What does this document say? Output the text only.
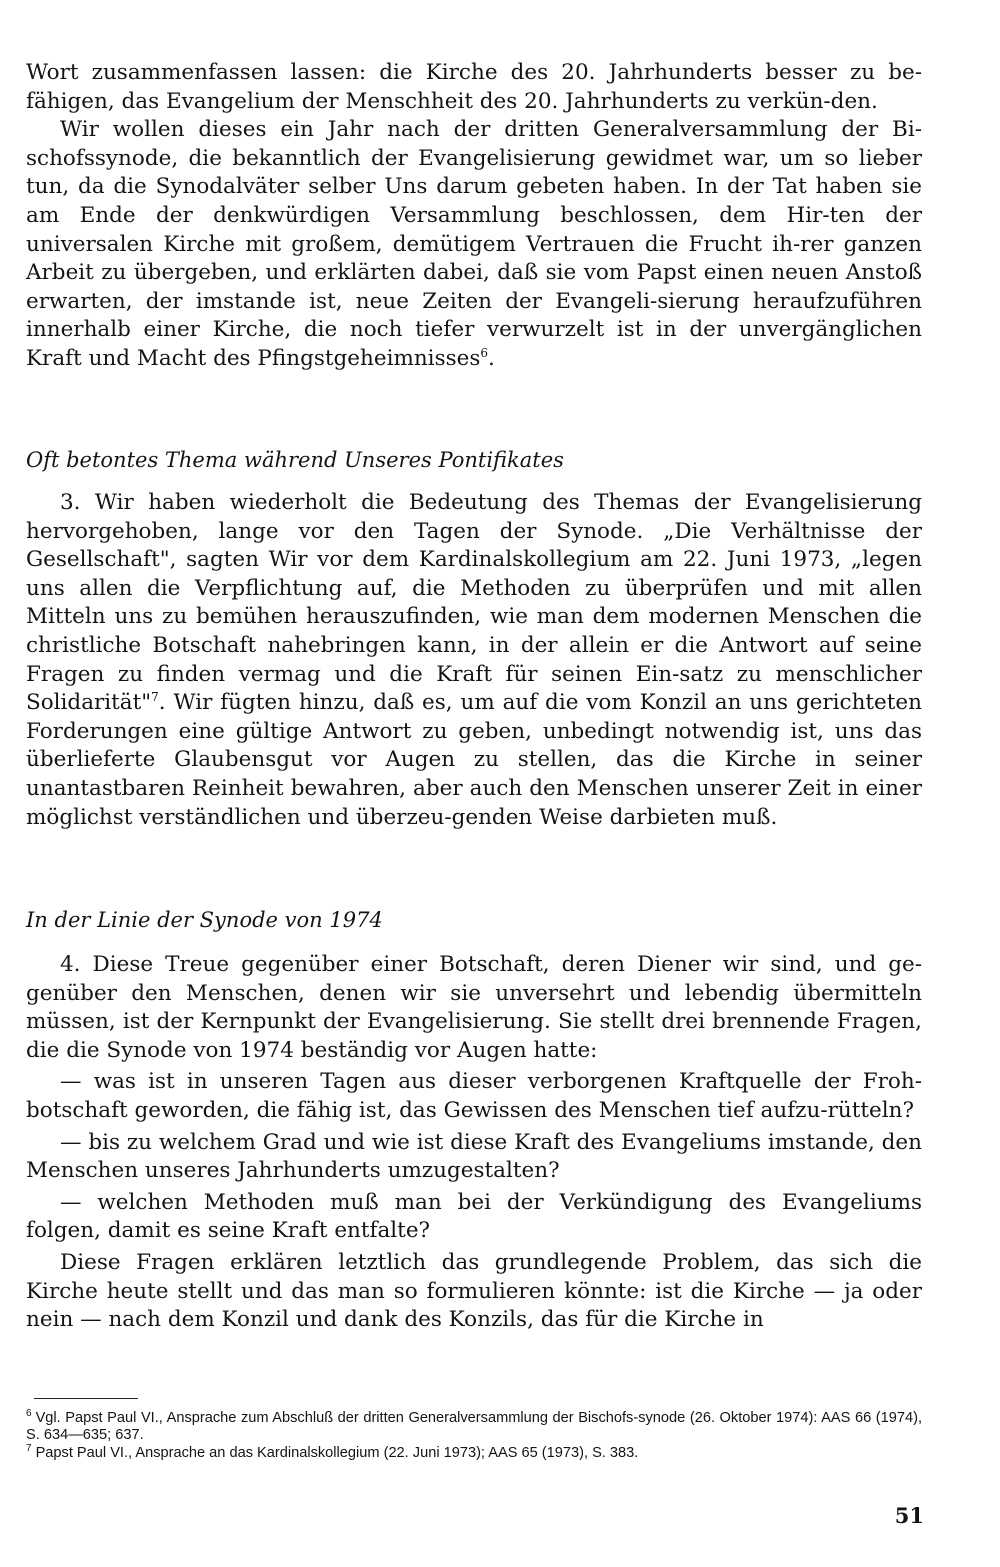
Wort zusammenfassen lassen: die Kirche des 20. Jahrhunderts besser zu be-fähigen, das Evangelium der Menschheit des 20. Jahrhunderts zu verkün-den.

Wir wollen dieses ein Jahr nach der dritten Generalversammlung der Bi-schofssynode, die bekanntlich der Evangelisierung gewidmet war, um so lieber tun, da die Synodalväter selber Uns darum gebeten haben. In der Tat haben sie am Ende der denkwürdigen Versammlung beschlossen, dem Hir-ten der universalen Kirche mit großem, demütigem Vertrauen die Frucht ih-rer ganzen Arbeit zu übergeben, und erklärten dabei, daß sie vom Papst einen neuen Anstoß erwarten, der imstande ist, neue Zeiten der Evangeli-sierung heraufzuführen innerhalb einer Kirche, die noch tiefer verwurzelt ist in der unvergänglichen Kraft und Macht des Pfingstgeheimnisses$^6$.

Oft betontes Thema während Unseres Pontifikates

3. Wir haben wiederholt die Bedeutung des Themas der Evangelisierung hervorgehoben, lange vor den Tagen der Synode. „Die Verhältnisse der Gesellschaft", sagten Wir vor dem Kardinalskollegium am 22. Juni 1973, „legen uns allen die Verpflichtung auf, die Methoden zu überprüfen und mit allen Mitteln uns zu bemühen herauszufinden, wie man dem modernen Menschen die christliche Botschaft nahebringen kann, in der allein er die Antwort auf seine Fragen zu finden vermag und die Kraft für seinen Ein-satz zu menschlicher Solidarität"$^7$. Wir fügten hinzu, daß es, um auf die vom Konzil an uns gerichteten Forderungen eine gültige Antwort zu geben, unbedingt notwendig ist, uns das überlieferte Glaubensgut vor Augen zu stellen, das die Kirche in seiner unantastbaren Reinheit bewahren, aber auch den Menschen unserer Zeit in einer möglichst verständlichen und überzeu-genden Weise darbieten muß.

In der Linie der Synode von 1974

4. Diese Treue gegenüber einer Botschaft, deren Diener wir sind, und ge-genüber den Menschen, denen wir sie unversehrt und lebendig übermitteln müssen, ist der Kernpunkt der Evangelisierung. Sie stellt drei brennende Fragen, die die Synode von 1974 beständig vor Augen hatte:

— was ist in unseren Tagen aus dieser verborgenen Kraftquelle der Froh-botschaft geworden, die fähig ist, das Gewissen des Menschen tief aufzu-rütteln?

— bis zu welchem Grad und wie ist diese Kraft des Evangeliums imstande, den Menschen unseres Jahrhunderts umzugestalten?

— welchen Methoden muß man bei der Verkündigung des Evangeliums folgen, damit es seine Kraft entfalte?

Diese Fragen erklären letztlich das grundlegende Problem, das sich die Kirche heute stellt und das man so formulieren könnte: ist die Kirche — ja oder nein — nach dem Konzil und dank des Konzils, das für die Kirche in

$^6$ Vgl. Papst Paul VI., Ansprache zum Abschluß der dritten Generalversammlung der Bischofs-synode (26. Oktober 1974): AAS 66 (1974), S. 634—635; 637.

$^7$ Papst Paul VI., Ansprache an das Kardinalskollegium (22. Juni 1973); AAS 65 (1973), S. 383.

51
